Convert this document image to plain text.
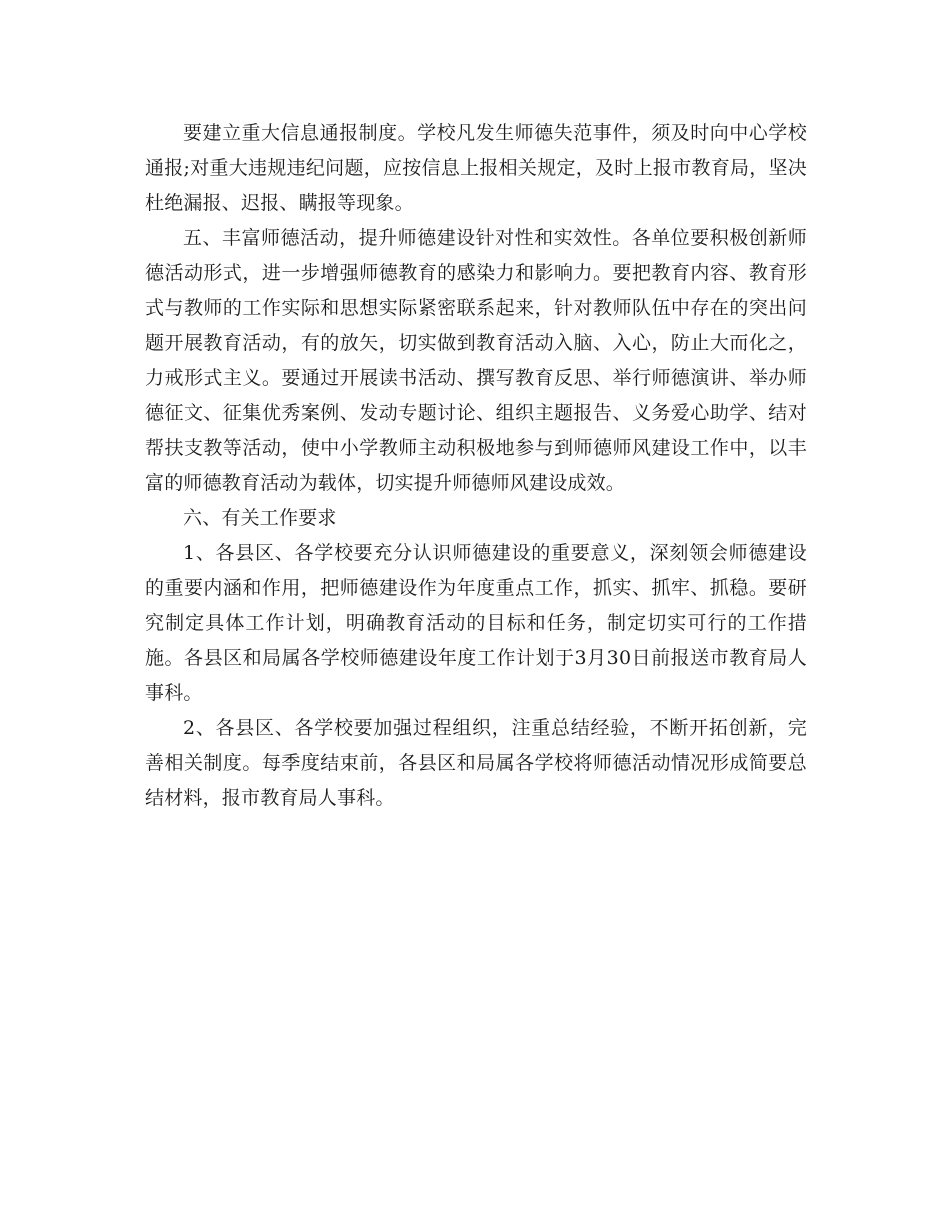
要建立重大信息通报制度。学校凡发生师德失范事件，须及时向中心学校通报;对重大违规违纪问题，应按信息上报相关规定，及时上报市教育局，坚决杜绝漏报、迟报、瞒报等现象。

五、丰富师德活动，提升师德建设针对性和实效性。各单位要积极创新师德活动形式，进一步增强师德教育的感染力和影响力。要把教育内容、教育形式与教师的工作实际和思想实际紧密联系起来，针对教师队伍中存在的突出问题开展教育活动，有的放矢，切实做到教育活动入脑、入心，防止大而化之，力戒形式主义。要通过开展读书活动、撰写教育反思、举行师德演讲、举办师德征文、征集优秀案例、发动专题讨论、组织主题报告、义务爱心助学、结对帮扶支教等活动，使中小学教师主动积极地参与到师德师风建设工作中，以丰富的师德教育活动为载体，切实提升师德师风建设成效。

六、有关工作要求

1、各县区、各学校要充分认识师德建设的重要意义，深刻领会师德建设的重要内涵和作用，把师德建设作为年度重点工作，抓实、抓牢、抓稳。要研究制定具体工作计划，明确教育活动的目标和任务，制定切实可行的工作措施。各县区和局属各学校师德建设年度工作计划于3月30日前报送市教育局人事科。

2、各县区、各学校要加强过程组织，注重总结经验，不断开拓创新，完善相关制度。每季度结束前，各县区和局属各学校将师德活动情况形成简要总结材料，报市教育局人事科。
